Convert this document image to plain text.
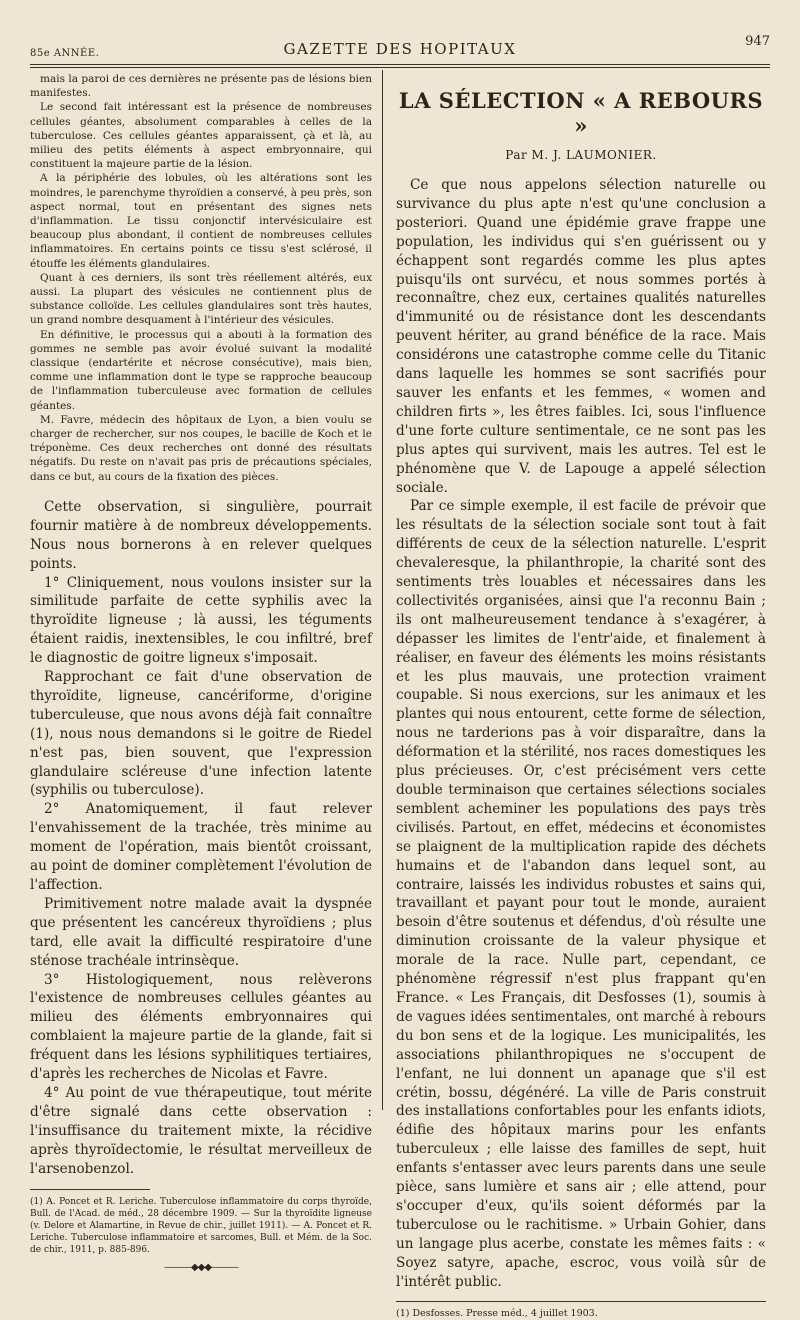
85e ANNÉE.	GAZETTE DES HOPITAUX	947

mais la paroi de ces dernières ne présente pas de lésions bien manifestes.

Le second fait intéressant est la présence de nombreuses cellules géantes, absolument comparables à celles de la tuberculose. Ces cellules géantes apparaissent, çà et là, au milieu des petits éléments à aspect embryonnaire, qui constituent la majeure partie de la lésion.

A la périphérie des lobules, où les altérations sont les moindres, le parenchyme thyroïdien a conservé, à peu près, son aspect normal, tout en présentant des signes nets d'inflammation. Le tissu conjonctif intervésiculaire est beaucoup plus abondant, il contient de nombreuses cellules inflammatoires. En certains points ce tissu s'est sclérosé, il étouffe les éléments glandulaires.

Quant à ces derniers, ils sont très réellement altérés, eux aussi. La plupart des vésicules ne contiennent plus de substance colloïde. Les cellules glandulaires sont très hautes, un grand nombre desquament à l'intérieur des vésicules.

En définitive, le processus qui a abouti à la formation des gommes ne semble pas avoir évolué suivant la modalité classique (endartérite et nécrose consécutive), mais bien, comme une inflammation dont le type se rapproche beaucoup de l'inflammation tuberculeuse avec formation de cellules géantes.

M. Favre, médecin des hôpitaux de Lyon, a bien voulu se charger de rechercher, sur nos coupes, le bacille de Koch et le tréponème. Ces deux recherches ont donné des résultats négatifs. Du reste on n'avait pas pris de précautions spéciales, dans ce but, au cours de la fixation des pièces.

Cette observation, si singulière, pourrait fournir matière à de nombreux développements. Nous nous bornerons à en relever quelques points.

1° Cliniquement, nous voulons insister sur la similitude parfaite de cette syphilis avec la thyroïdite ligneuse ; là aussi, les téguments étaient raidis, inextensibles, le cou infiltré, bref le diagnostic de goitre ligneux s'imposait.

Rapprochant ce fait d'une observation de thyroïdite, ligneuse, cancériforme, d'origine tuberculeuse, que nous avons déjà fait connaître (1), nous nous demandons si le goitre de Riedel n'est pas, bien souvent, que l'expression glandulaire scléreuse d'une infection latente (syphilis ou tuberculose).

2° Anatomiquement, il faut relever l'envahissement de la trachée, très minime au moment de l'opération, mais bientôt croissant, au point de dominer complètement l'évolution de l'affection.

Primitivement notre malade avait la dyspnée que présentent les cancéreux thyroïdiens ; plus tard, elle avait la difficulté respiratoire d'une sténose trachéale intrinsèque.

3° Histologiquement, nous relèverons l'existence de nombreuses cellules géantes au milieu des éléments embryonnaires qui comblaient la majeure partie de la glande, fait si fréquent dans les lésions syphilitiques tertiaires, d'après les recherches de Nicolas et Favre.

4° Au point de vue thérapeutique, tout mérite d'être signalé dans cette observation : l'insuffisance du traitement mixte, la récidive après thyroïdectomie, le résultat merveilleux de l'arsenobenzol.

(1) A. Poncet et R. Leriche. Tuberculose inflammatoire du corps thyroïde, Bull. de l'Acad. de méd., 28 décembre 1909. — Sur la thyroïdite ligneuse (v. Delore et Alamartine, in Revue de chir., juillet 1911). — A. Poncet et R. Leriche. Tuberculose inflammatoire et sarcomes, Bull. et Mém. de la Soc. de chir., 1911, p. 885-896.
———◆◆◆———
LA SÉLECTION « A REBOURS »
Par M. J. LAUMONIER.

Ce que nous appelons sélection naturelle ou survivance du plus apte n'est qu'une conclusion a posteriori. Quand une épidémie grave frappe une population, les individus qui s'en guérissent ou y échappent sont regardés comme les plus aptes puisqu'ils ont survécu, et nous sommes portés à reconnaître, chez eux, certaines qualités naturelles d'immunité ou de résistance dont les descendants peuvent hériter, au grand bénéfice de la race. Mais considérons une catastrophe comme celle du Titanic dans laquelle les hommes se sont sacrifiés pour sauver les enfants et les femmes, « women and children firts », les êtres faibles. Ici, sous l'influence d'une forte culture sentimentale, ce ne sont pas les plus aptes qui survivent, mais les autres. Tel est le phénomène que V. de Lapouge a appelé sélection sociale.

Par ce simple exemple, il est facile de prévoir que les résultats de la sélection sociale sont tout à fait différents de ceux de la sélection naturelle. L'esprit chevaleresque, la philanthropie, la charité sont des sentiments très louables et nécessaires dans les collectivités organisées, ainsi que l'a reconnu Bain ; ils ont malheureusement tendance à s'exagérer, à dépasser les limites de l'entr'aide, et finalement à réaliser, en faveur des éléments les moins résistants et les plus mauvais, une protection vraiment coupable. Si nous exercions, sur les animaux et les plantes qui nous entourent, cette forme de sélection, nous ne tarderions pas à voir disparaître, dans la déformation et la stérilité, nos races domestiques les plus précieuses. Or, c'est précisément vers cette double terminaison que certaines sélections sociales semblent acheminer les populations des pays très civilisés. Partout, en effet, médecins et économistes se plaignent de la multiplication rapide des déchets humains et de l'abandon dans lequel sont, au contraire, laissés les individus robustes et sains qui, travaillant et payant pour tout le monde, auraient besoin d'être soutenus et défendus, d'où résulte une diminution croissante de la valeur physique et morale de la race. Nulle part, cependant, ce phénomène régressif n'est plus frappant qu'en France. « Les Français, dit Desfosses (1), soumis à de vagues idées sentimentales, ont marché à rebours du bon sens et de la logique. Les municipalités, les associations philanthropiques ne s'occupent de l'enfant, ne lui donnent un apanage que s'il est crétin, bossu, dégénéré. La ville de Paris construit des installations confortables pour les enfants idiots, édifie des hôpitaux marins pour les enfants tuberculeux ; elle laisse des familles de sept, huit enfants s'entasser avec leurs parents dans une seule pièce, sans lumière et sans air ; elle attend, pour s'occuper d'eux, qu'ils soient déformés par la tuberculose ou le rachitisme. » Urbain Gohier, dans un langage plus acerbe, constate les mêmes faits : « Soyez satyre, apache, escroc, vous voilà sûr de l'intérêt public.

(1) Desfosses. Presse méd., 4 juillet 1903.
